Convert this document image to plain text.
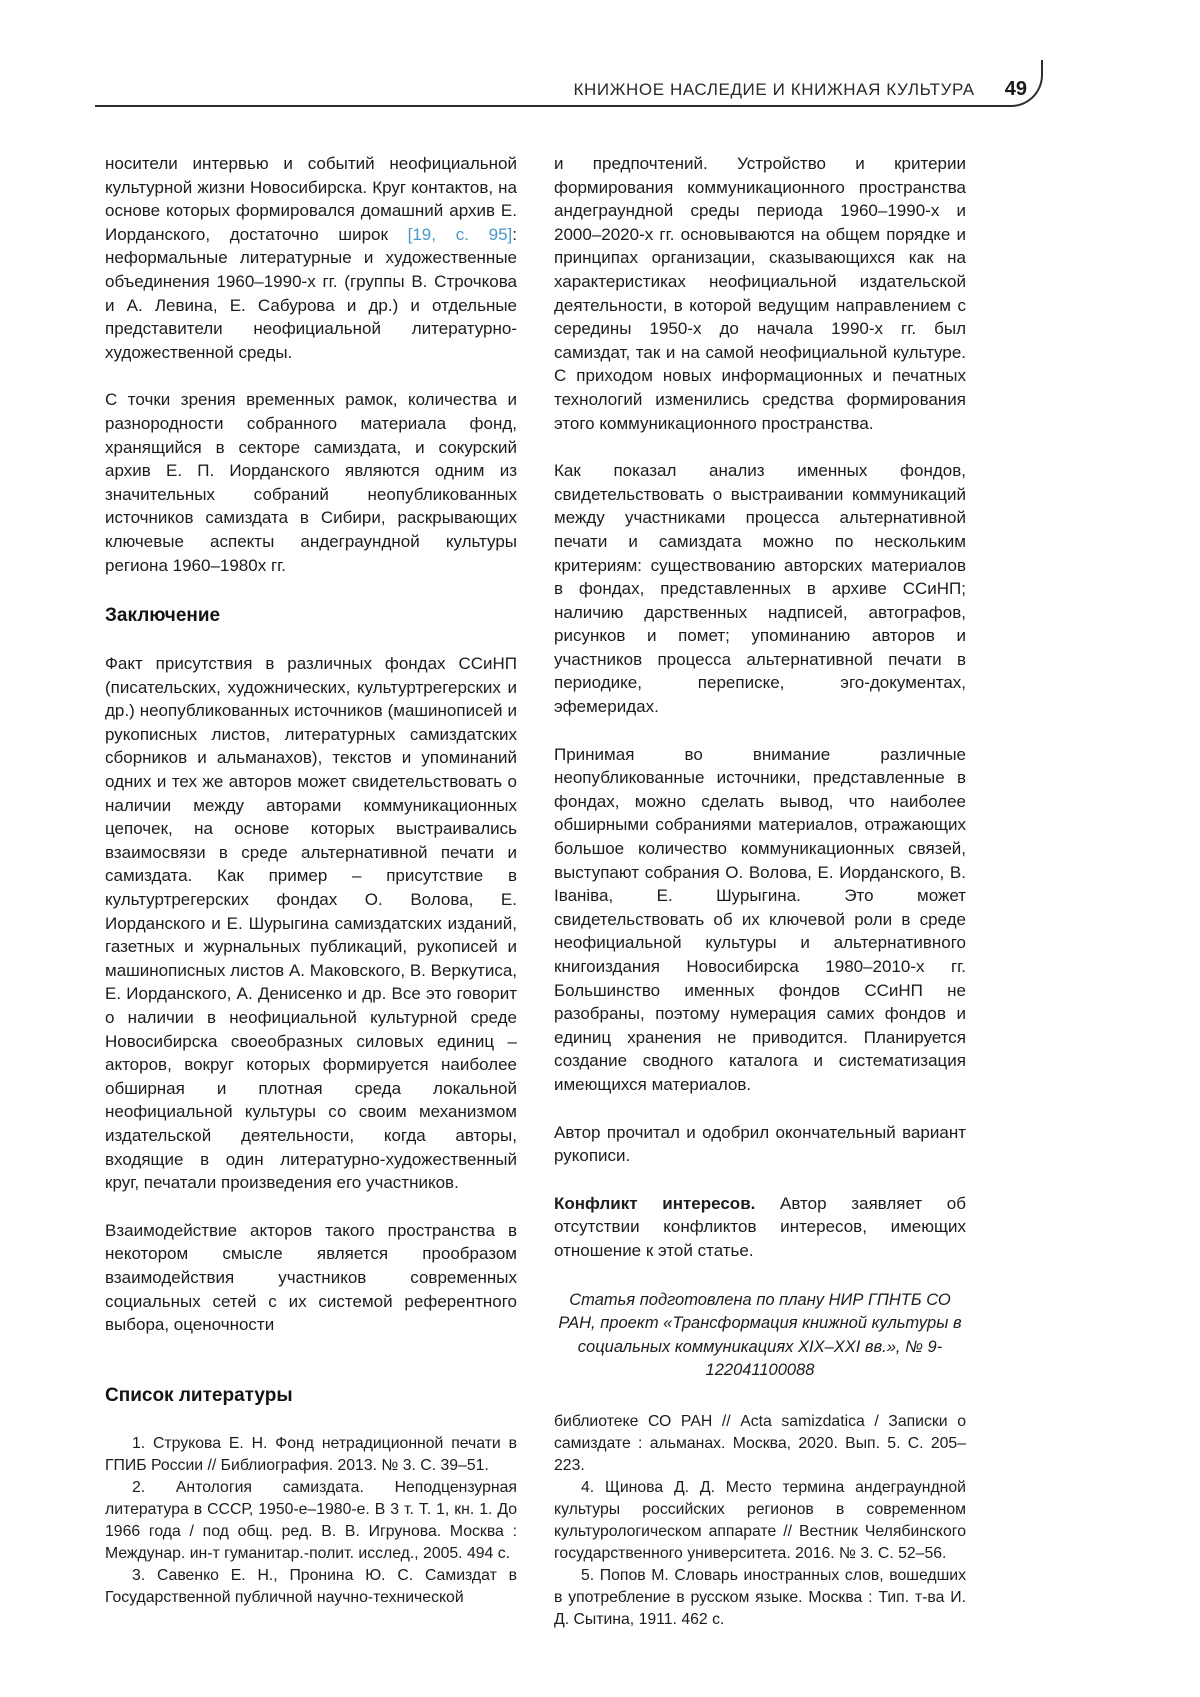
КНИЖНОЕ НАСЛЕДИЕ И КНИЖНАЯ КУЛЬТУРА 49

носители интервью и событий неофициальной культурной жизни Новосибирска. Круг контактов, на основе которых формировался домашний архив Е. Иорданского, достаточно широк [19, с. 95]: неформальные литературные и художественные объединения 1960–1990-х гг. (группы В. Строчкова и А. Левина, Е. Сабурова и др.) и отдельные представители неофициальной литературно-художественной среды.

С точки зрения временных рамок, количества и разнородности собранного материала фонд, хранящийся в секторе самиздата, и сокурский архив Е. П. Иорданского являются одним из значительных собраний неопубликованных источников самиздата в Сибири, раскрывающих ключевые аспекты андеграундной культуры региона 1960–1980х гг.

Заключение

Факт присутствия в различных фондах ССиНП (писательских, художнических, культуртрегерских и др.) неопубликованных источников (машинописей и рукописных листов, литературных самиздатских сборников и альманахов), текстов и упоминаний одних и тех же авторов может свидетельствовать о наличии между авторами коммуникационных цепочек, на основе которых выстраивались взаимосвязи в среде альтернативной печати и самиздата. Как пример – присутствие в культуртрегерских фондах О. Волова, Е. Иорданского и Е. Шурыгина самиздатских изданий, газетных и журнальных публикаций, рукописей и машинописных листов А. Маковского, В. Веркутиса, Е. Иорданского, А. Денисенко и др. Все это говорит о наличии в неофициальной культурной среде Новосибирска своеобразных силовых единиц – акторов, вокруг которых формируется наиболее обширная и плотная среда локальной неофициальной культуры со своим механизмом издательской деятельности, когда авторы, входящие в один литературно-художественный круг, печатали произведения его участников.

Взаимодействие акторов такого пространства в некотором смысле является прообразом взаимодействия участников современных социальных сетей с их системой референтного выбора, оценочности

Список литературы

1. Струкова Е. Н. Фонд нетрадиционной печати в ГПИБ России // Библиография. 2013. № 3. С. 39–51.

2. Антология самиздата. Неподцензурная литература в СССР, 1950-е–1980-е. В 3 т. Т. 1, кн. 1. До 1966 года / под общ. ред. В. В. Игрунова. Москва : Междунар. ин-т гуманитар.-полит. исслед., 2005. 494 с.

3. Савенко Е. Н., Пронина Ю. С. Самиздат в Государственной публичной научно-технической

и предпочтений. Устройство и критерии формирования коммуникационного пространства андеграундной среды периода 1960–1990-х и 2000–2020-х гг. основываются на общем порядке и принципах организации, сказывающихся как на характеристиках неофициальной издательской деятельности, в которой ведущим направлением с середины 1950-х до начала 1990-х гг. был самиздат, так и на самой неофициальной культуре. С приходом новых информационных и печатных технологий изменились средства формирования этого коммуникационного пространства.

Как показал анализ именных фондов, свидетельствовать о выстраивании коммуникаций между участниками процесса альтернативной печати и самиздата можно по нескольким критериям: существованию авторских материалов в фондах, представленных в архиве ССиНП; наличию дарственных надписей, автографов, рисунков и помет; упоминанию авторов и участников процесса альтернативной печати в периодике, переписке, эго-документах, эфемеридах.

Принимая во внимание различные неопубликованные источники, представленные в фондах, можно сделать вывод, что наиболее обширными собраниями материалов, отражающих большое количество коммуникационных связей, выступают собрания О. Волова, Е. Иорданского, В. Іваніва, Е. Шурыгина. Это может свидетельствовать об их ключевой роли в среде неофициальной культуры и альтернативного книгоиздания Новосибирска 1980–2010-х гг. Большинство именных фондов ССиНП не разобраны, поэтому нумерация самих фондов и единиц хранения не приводится. Планируется создание сводного каталога и систематизация имеющихся материалов.

Автор прочитал и одобрил окончательный вариант рукописи.

Конфликт интересов. Автор заявляет об отсутствии конфликтов интересов, имеющих отношение к этой статье.

Статья подготовлена по плану НИР ГПНТБ СО РАН, проект «Трансформация книжной культуры в социальных коммуникациях XIX–XXI вв.», № 9-122041100088

библиотеке СО РАН // Acta samizdatica / Записки о самиздате : альманах. Москва, 2020. Вып. 5. С. 205–223.

4. Щинова Д. Д. Место термина андеграундной культуры российских регионов в современном культурологическом аппарате // Вестник Челябинского государственного университета. 2016. № 3. С. 52–56.

5. Попов М. Словарь иностранных слов, вошедших в употребление в русском языке. Москва : Тип. т-ва И. Д. Сытина, 1911. 462 с.
